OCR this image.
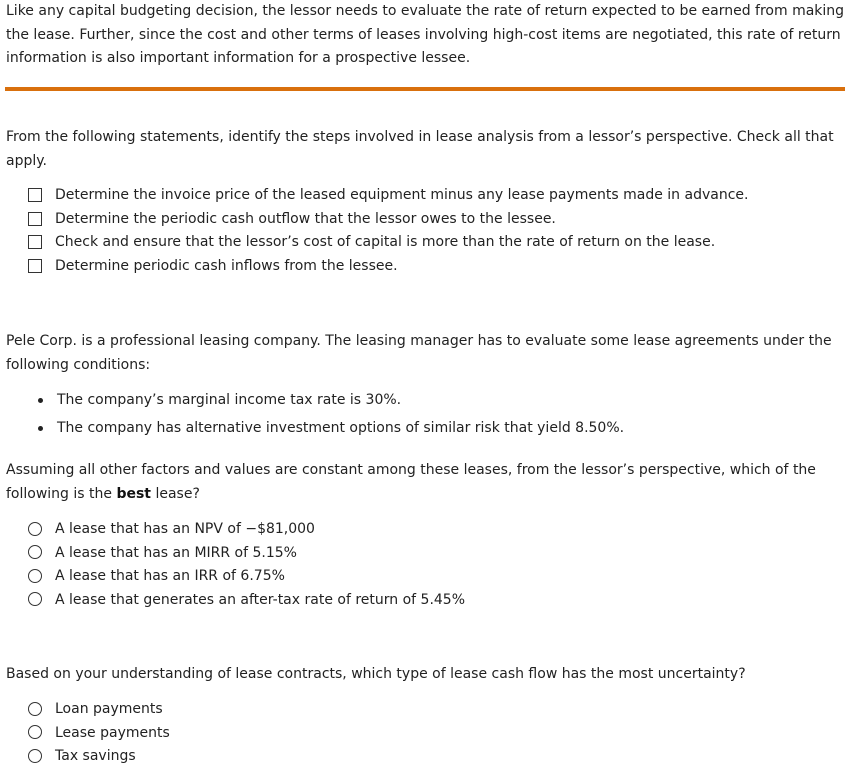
Like any capital budgeting decision, the lessor needs to evaluate the rate of return expected to be earned from making the lease. Further, since the cost and other terms of leases involving high-cost items are negotiated, this rate of return information is also important information for a prospective lessee.

From the following statements, identify the steps involved in lease analysis from a lessor’s perspective. Check all that apply.

Determine the invoice price of the leased equipment minus any lease payments made in advance.
Determine the periodic cash outflow that the lessor owes to the lessee.
Check and ensure that the lessor’s cost of capital is more than the rate of return on the lease.
Determine periodic cash inflows from the lessee.

Pele Corp. is a professional leasing company. The leasing manager has to evaluate some lease agreements under the following conditions:

The company’s marginal income tax rate is 30%.
The company has alternative investment options of similar risk that yield 8.50%.

Assuming all other factors and values are constant among these leases, from the lessor’s perspective, which of the following is the best lease?

A lease that has an NPV of −$81,000
A lease that has an MIRR of 5.15%
A lease that has an IRR of 6.75%
A lease that generates an after-tax rate of return of 5.45%

Based on your understanding of lease contracts, which type of lease cash flow has the most uncertainty?

Loan payments
Lease payments
Tax savings
